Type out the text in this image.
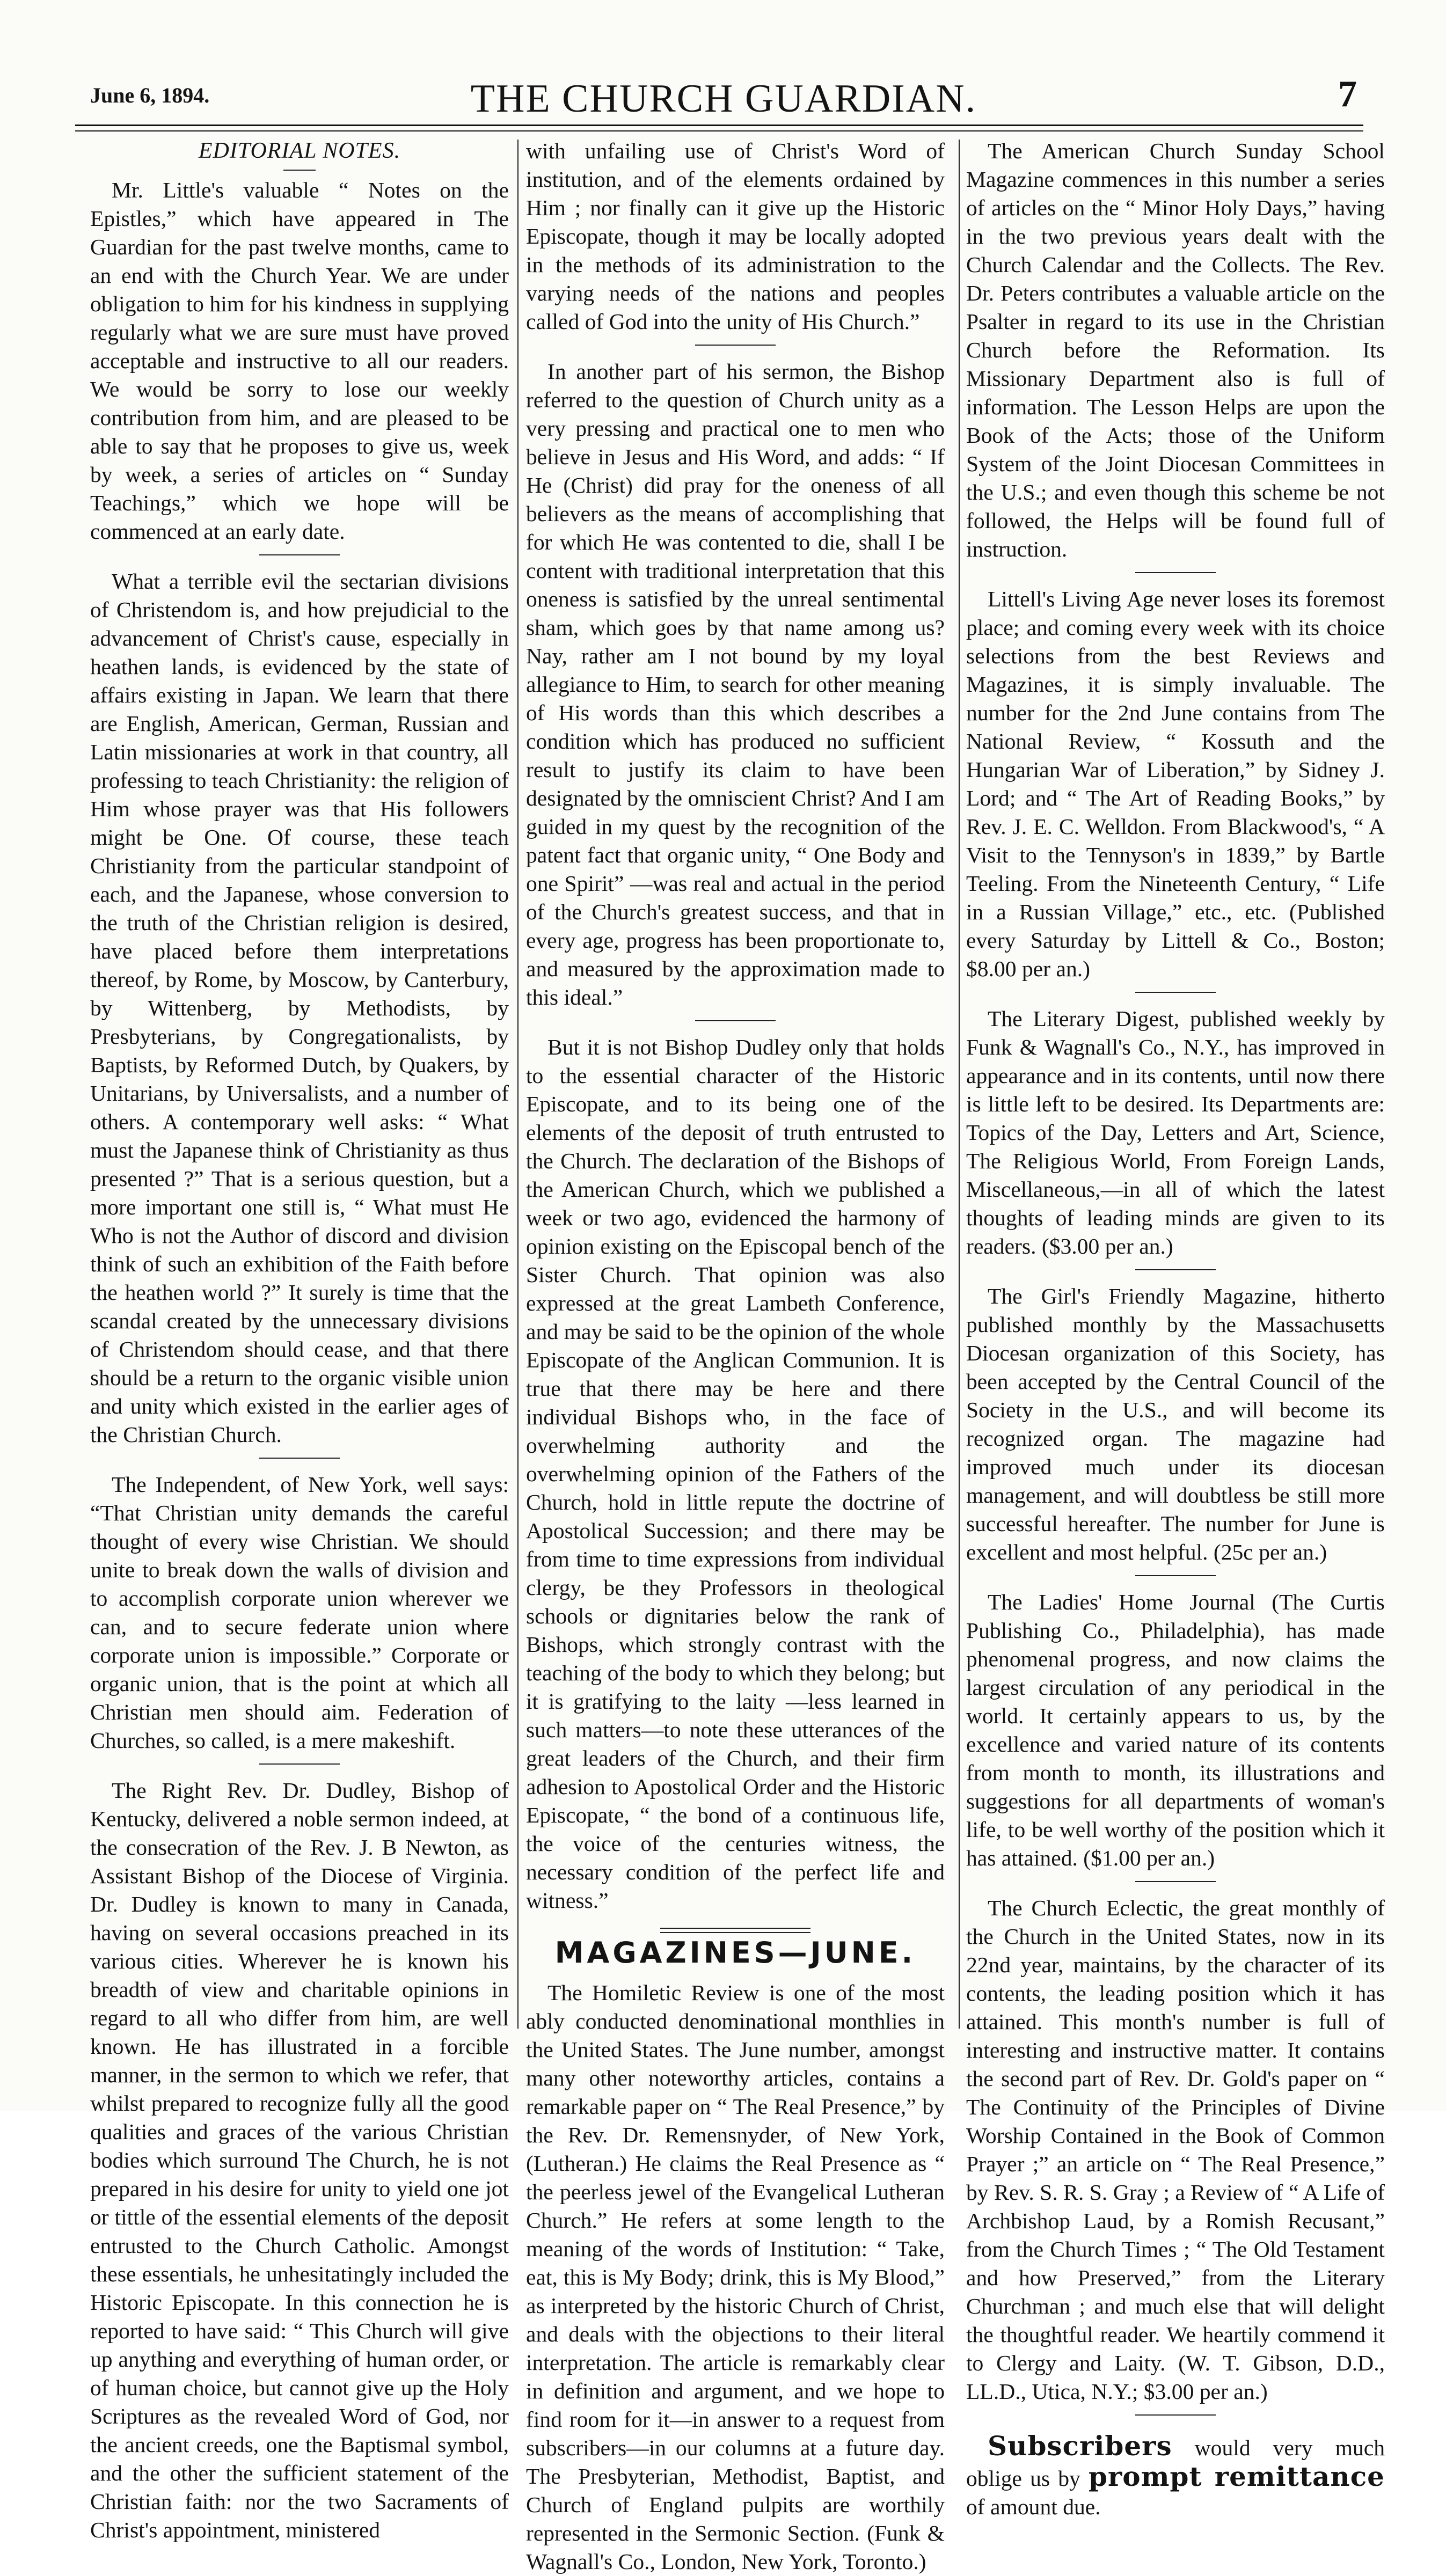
THE CHURCH GUARDIAN.
June 6, 1894.	7
EDITORIAL NOTES.

Mr. Little's valuable “ Notes on the Epistles,” which have appeared in The Guardian for the past twelve months, came to an end with the Church Year. We are under obligation to him for his kindness in supplying regularly what we are sure must have proved acceptable and instructive to all our readers. We would be sorry to lose our weekly contribution from him, and are pleased to be able to say that he proposes to give us, week by week, a series of articles on “ Sunday Teachings,” which we hope will be commenced at an early date.

What a terrible evil the sectarian divisions of Christendom is, and how prejudicial to the advancement of Christ's cause, especially in heathen lands, is evidenced by the state of affairs existing in Japan. We learn that there are English, American, German, Russian and Latin missionaries at work in that country, all professing to teach Christianity: the religion of Him whose prayer was that His followers might be One. Of course, these teach Christianity from the particular standpoint of each, and the Japanese, whose conversion to the truth of the Christian religion is desired, have placed before them interpretations thereof, by Rome, by Moscow, by Canterbury, by Wittenberg, by Methodists, by Presbyterians, by Congregationalists, by Baptists, by Reformed Dutch, by Quakers, by Unitarians, by Universalists, and a number of others. A contemporary well asks: “ What must the Japanese think of Christianity as thus presented ?” That is a serious question, but a more important one still is, “ What must He Who is not the Author of discord and division think of such an exhibition of the Faith before the heathen world ?” It surely is time that the scandal created by the unnecessary divisions of Christendom should cease, and that there should be a return to the organic visible union and unity which existed in the earlier ages of the Christian Church.

The Independent, of New York, well says: “That Christian unity demands the careful thought of every wise Christian. We should unite to break down the walls of division and to accomplish corporate union wherever we can, and to secure federate union where corporate union is impossible.” Corporate or organic union, that is the point at which all Christian men should aim. Federation of Churches, so called, is a mere makeshift.

The Right Rev. Dr. Dudley, Bishop of Kentucky, delivered a noble sermon indeed, at the consecration of the Rev. J. B Newton, as Assistant Bishop of the Diocese of Virginia. Dr. Dudley is known to many in Canada, having on several occasions preached in its various cities. Wherever he is known his breadth of view and charitable opinions in regard to all who differ from him, are well known. He has illustrated in a forcible manner, in the sermon to which we refer, that whilst prepared to recognize fully all the good qualities and graces of the various Christian bodies which surround The Church, he is not prepared in his desire for unity to yield one jot or tittle of the essential elements of the deposit entrusted to the Church Catholic. Amongst these essentials, he unhesitatingly included the Historic Episcopate. In this connection he is reported to have said: “ This Church will give up anything and everything of human order, or of human choice, but cannot give up the Holy Scriptures as the revealed Word of God, nor the ancient creeds, one the Baptismal symbol, and the other the sufficient statement of the Christian faith: nor the two Sacraments of Christ's appointment, ministered

with unfailing use of Christ's Word of institution, and of the elements ordained by Him ; nor finally can it give up the Historic Episcopate, though it may be locally adopted in the methods of its administration to the varying needs of the nations and peoples called of God into the unity of His Church.”

In another part of his sermon, the Bishop referred to the question of Church unity as a very pressing and practical one to men who believe in Jesus and His Word, and adds: “ If He (Christ) did pray for the oneness of all believers as the means of accomplishing that for which He was contented to die, shall I be content with traditional interpretation that this oneness is satisfied by the unreal sentimental sham, which goes by that name among us? Nay, rather am I not bound by my loyal allegiance to Him, to search for other meaning of His words than this which describes a condition which has produced no sufficient result to justify its claim to have been designated by the omniscient Christ? And I am guided in my quest by the recognition of the patent fact that organic unity, “ One Body and one Spirit” —was real and actual in the period of the Church's greatest success, and that in every age, progress has been proportionate to, and measured by the approximation made to this ideal.”

But it is not Bishop Dudley only that holds to the essential character of the Historic Episcopate, and to its being one of the elements of the deposit of truth entrusted to the Church. The declaration of the Bishops of the American Church, which we published a week or two ago, evidenced the harmony of opinion existing on the Episcopal bench of the Sister Church. That opinion was also expressed at the great Lambeth Conference, and may be said to be the opinion of the whole Episcopate of the Anglican Communion. It is true that there may be here and there individual Bishops who, in the face of overwhelming authority and the overwhelming opinion of the Fathers of the Church, hold in little repute the doctrine of Apostolical Succession; and there may be from time to time expressions from individual clergy, be they Professors in theological schools or dignitaries below the rank of Bishops, which strongly contrast with the teaching of the body to which they belong; but it is gratifying to the laity —less learned in such matters—to note these utterances of the great leaders of the Church, and their firm adhesion to Apostolical Order and the Historic Episcopate, “ the bond of a continuous life, the voice of the centuries witness, the necessary condition of the perfect life and witness.”

MAGAZINES—JUNE.

The Homiletic Review is one of the most ably conducted denominational monthlies in the United States. The June number, amongst many other noteworthy articles, contains a remarkable paper on “ The Real Presence,” by the Rev. Dr. Remensnyder, of New York, (Lutheran.) He claims the Real Presence as “ the peerless jewel of the Evangelical Lutheran Church.” He refers at some length to the meaning of the words of Institution: “ Take, eat, this is My Body; drink, this is My Blood,” as interpreted by the historic Church of Christ, and deals with the objections to their literal interpretation. The article is remarkably clear in definition and argument, and we hope to find room for it—in answer to a request from subscribers—in our columns at a future day. The Presbyterian, Methodist, Baptist, and Church of England pulpits are worthily represented in the Sermonic Section. (Funk & Wagnall's Co., London, New York, Toronto.)

The American Church Sunday School Magazine commences in this number a series of articles on the “ Minor Holy Days,” having in the two previous years dealt with the Church Calendar and the Collects. The Rev. Dr. Peters contributes a valuable article on the Psalter in regard to its use in the Christian Church before the Reformation. Its Missionary Department also is full of information. The Lesson Helps are upon the Book of the Acts; those of the Uniform System of the Joint Diocesan Committees in the U.S.; and even though this scheme be not followed, the Helps will be found full of instruction.

Littell's Living Age never loses its foremost place; and coming every week with its choice selections from the best Reviews and Magazines, it is simply invaluable. The number for the 2nd June contains from The National Review, “ Kossuth and the Hungarian War of Liberation,” by Sidney J. Lord; and “ The Art of Reading Books,” by Rev. J. E. C. Welldon. From Blackwood's, “ A Visit to the Tennyson's in 1839,” by Bartle Teeling. From the Nineteenth Century, “ Life in a Russian Village,” etc., etc. (Published every Saturday by Littell & Co., Boston; $8.00 per an.)

The Literary Digest, published weekly by Funk & Wagnall's Co., N.Y., has improved in appearance and in its contents, until now there is little left to be desired. Its Departments are: Topics of the Day, Letters and Art, Science, The Religious World, From Foreign Lands, Miscellaneous,—in all of which the latest thoughts of leading minds are given to its readers. ($3.00 per an.)

The Girl's Friendly Magazine, hitherto published monthly by the Massachusetts Diocesan organization of this Society, has been accepted by the Central Council of the Society in the U.S., and will become its recognized organ. The magazine had improved much under its diocesan management, and will doubtless be still more successful hereafter. The number for June is excellent and most helpful. (25c per an.)

The Ladies' Home Journal (The Curtis Publishing Co., Philadelphia), has made phenomenal progress, and now claims the largest circulation of any periodical in the world. It certainly appears to us, by the excellence and varied nature of its contents from month to month, its illustrations and suggestions for all departments of woman's life, to be well worthy of the position which it has attained. ($1.00 per an.)

The Church Eclectic, the great monthly of the Church in the United States, now in its 22nd year, maintains, by the character of its contents, the leading position which it has attained. This month's number is full of interesting and instructive matter. It contains the second part of Rev. Dr. Gold's paper on “ The Continuity of the Principles of Divine Worship Contained in the Book of Common Prayer ;” an article on “ The Real Presence,” by Rev. S. R. S. Gray ; a Review of “ A Life of Archbishop Laud, by a Romish Recusant,” from the Church Times ; “ The Old Testament and how Preserved,” from the Literary Churchman ; and much else that will delight the thoughtful reader. We heartily commend it to Clergy and Laity. (W. T. Gibson, D.D., LL.D., Utica, N.Y.; $3.00 per an.)

Subscribers would very much oblige us by prompt remittance of amount due.
